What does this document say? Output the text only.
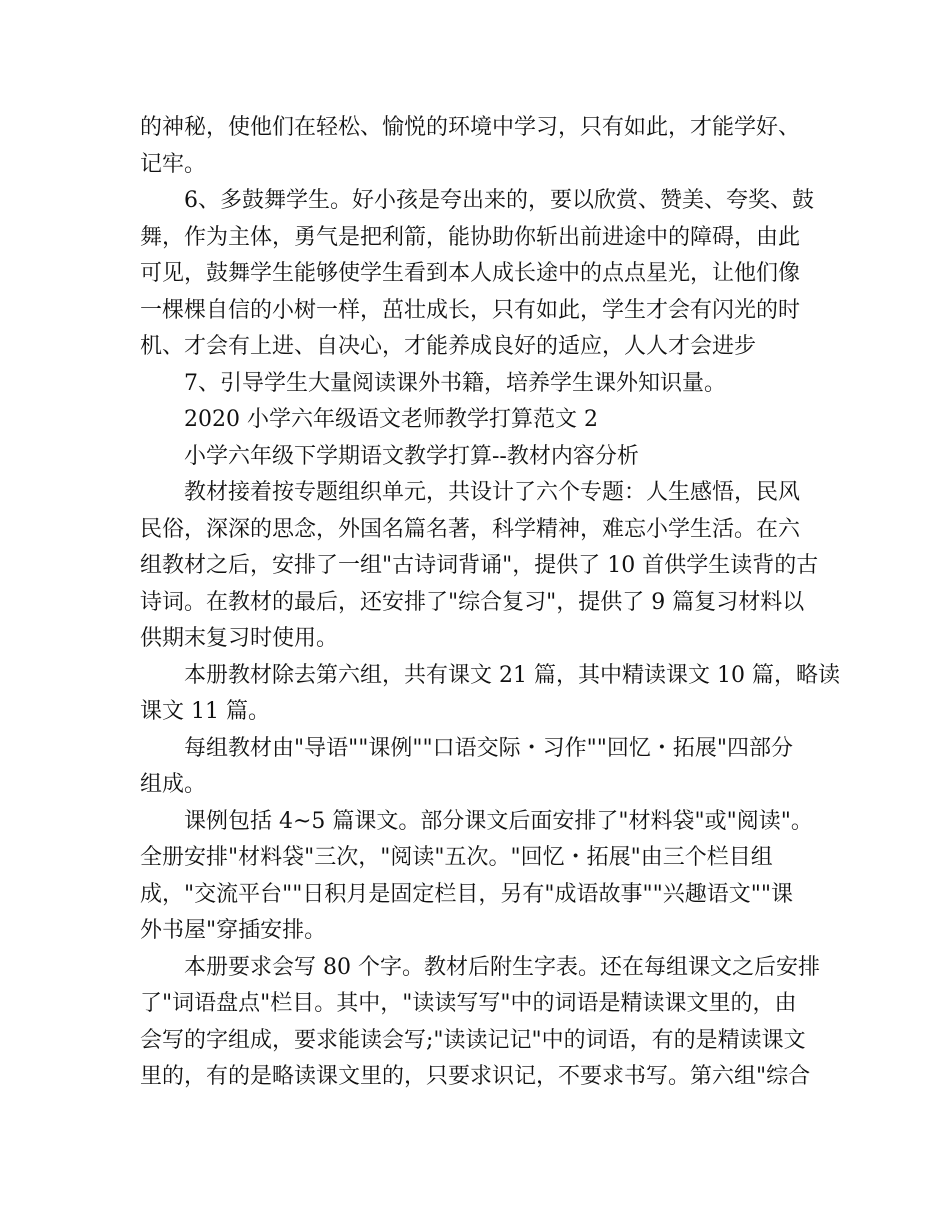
的神秘，使他们在轻松、愉悦的环境中学习，只有如此，才能学好、
记牢。
6、多鼓舞学生。好小孩是夸出来的，要以欣赏、赞美、夸奖、鼓
舞，作为主体，勇气是把利箭，能协助你斩出前进途中的障碍，由此
可见，鼓舞学生能够使学生看到本人成长途中的点点星光，让他们像
一棵棵自信的小树一样，茁壮成长，只有如此，学生才会有闪光的时
机、才会有上进、自决心，才能养成良好的适应，人人才会进步
7、引导学生大量阅读课外书籍，培养学生课外知识量。
2020 小学六年级语文老师教学打算范文 2
小学六年级下学期语文教学打算--教材内容分析
教材接着按专题组织单元，共设计了六个专题：人生感悟，民风
民俗，深深的思念，外国名篇名著，科学精神，难忘小学生活。在六
组教材之后，安排了一组"古诗词背诵"，提供了 10 首供学生读背的古
诗词。在教材的最后，还安排了"综合复习"，提供了 9 篇复习材料以
供期末复习时使用。
本册教材除去第六组，共有课文 21 篇，其中精读课文 10 篇，略读
课文 11 篇。
每组教材由"导语""课例""口语交际・习作""回忆・拓展"四部分
组成。
课例包括 4~5 篇课文。部分课文后面安排了"材料袋"或"阅读"。
全册安排"材料袋"三次，"阅读"五次。"回忆・拓展"由三个栏目组
成，"交流平台""日积月是固定栏目，另有"成语故事""兴趣语文""课
外书屋"穿插安排。
本册要求会写 80 个字。教材后附生字表。还在每组课文之后安排
了"词语盘点"栏目。其中，"读读写写"中的词语是精读课文里的，由
会写的字组成，要求能读会写;"读读记记"中的词语，有的是精读课文
里的，有的是略读课文里的，只要求识记，不要求书写。第六组"综合
